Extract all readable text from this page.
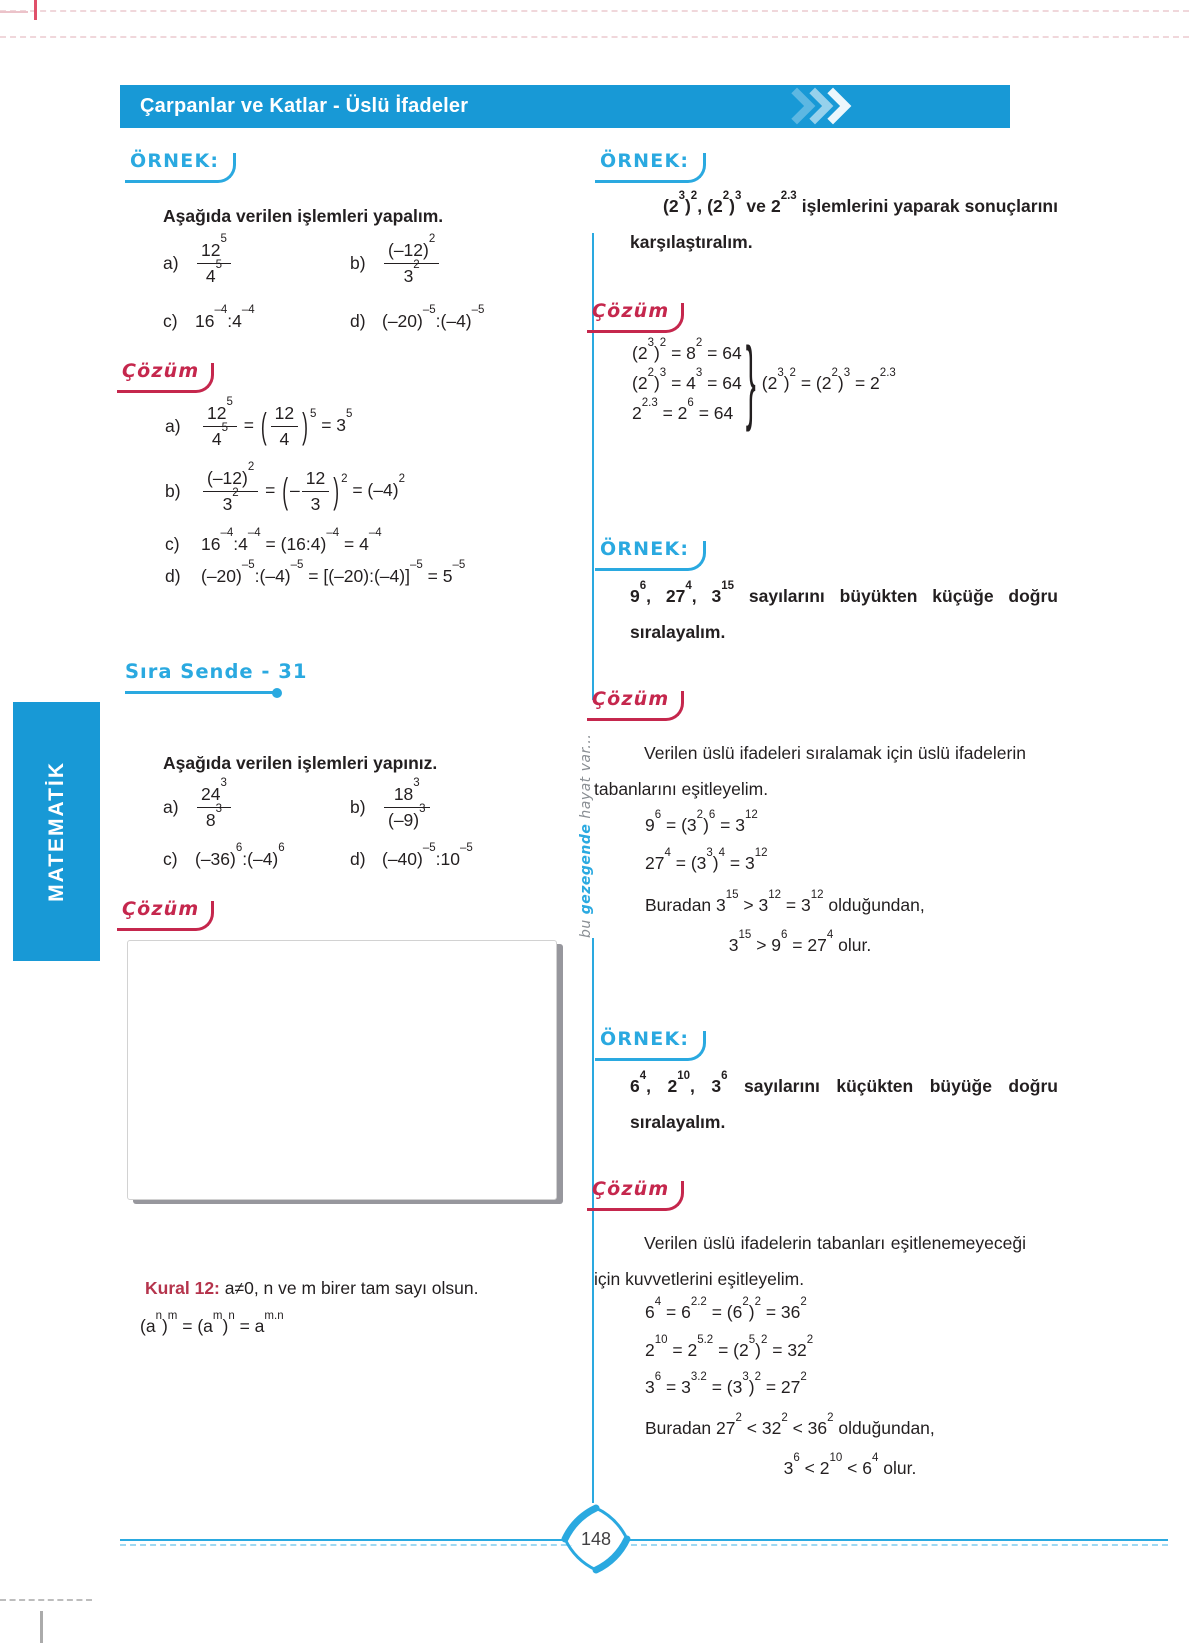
Çarpanlar ve Katlar - Üslü İfadeler
MATEMATİK
bu gezegende hayat var...
ÖRNEK:
Aşağıda verilen işlemleri yapalım.
a)	$\frac{12^5}{4^5}$	b)	$\frac{(-12)^2}{3^2}$
c) $16^{-4}:4^{-4}$
d) $(-20)^{-5}:(-4)^{-5}$
Çözüm
a)	$\frac{12^5}{4^5}$ = ( $\frac{12}{4}$ ) $^5 = 3^5$
b)	$\frac{(-12)^2}{3^2}$ = ( – $\frac{12}{3}$ ) $^2 = (-4)^2$
c)	$16^{-4}:4^{-4}$ = (16:4)$^{-4}$ = $4^{-4}$
d)	$(-20)^{-5}:(-4)^{-5}$ = [(–20):(–4)]$^{-5}$ = $5^{-5}$
Sıra Sende - 31
Aşağıda verilen işlemleri yapınız.
a)	$\frac{24^3}{8^3}$	b)	$\frac{18^3}{(-9)^3}$
c) $(-36)^6:(-4)^6$
d) $(-40)^{-5}:10^{-5}$
Çözüm
Kural 12: a≠0, n ve m birer tam sayı olsun.
$(a^n)^m = (a^m)^n = a^{m.n}$
ÖRNEK:
$(2^3)^2$, $(2^2)^3$ ve $2^{2.3}$ işlemlerini yaparak sonuçlarını karşılaştıralım.
Çözüm
$(2^3)^2 = 8^2 = 64$
$(2^2)^3 = 4^3 = 64$
$2^{2.3} = 2^6 = 64$ } $(2^3)^2 = (2^2)^3 = 2^{2.3}$
ÖRNEK:
$9^6$, $27^4$, $3^{15}$ sayılarını büyükten küçüğe doğru sıralayalım.
Çözüm
Verilen üslü ifadeleri sıralamak için üslü ifadelerin tabanlarını eşitleyelim.
$9^6 = (3^2)^6 = 3^{12}$
$27^4 = (3^3)^4 = 3^{12}$
Buradan $3^{15} > 3^{12} = 3^{12}$ olduğundan,
$3^{15} > 9^6 = 27^4$ olur.
ÖRNEK:
$6^4$, $2^{10}$, $3^6$ sayılarını küçükten büyüğe doğru sıralayalım.
Çözüm
Verilen üslü ifadelerin tabanları eşitlenemeyeceği için kuvvetlerini eşitleyelim.
$6^4 = 6^{2.2} = (6^2)^2 = 36^2$
$2^{10} = 2^{5.2} = (2^5)^2 = 32^2$
$3^6 = 3^{3.2} = (3^3)^2 = 27^2$
Buradan $27^2 < 32^2 < 36^2$ olduğundan,
$3^6 < 2^{10} < 6^4$ olur.
148
